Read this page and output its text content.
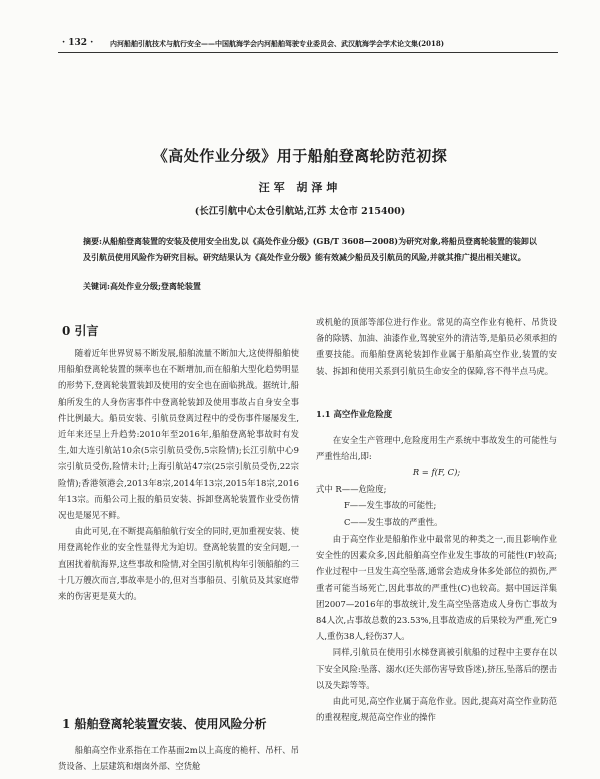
· 132 · 内河船舶引航技术与航行安全——中国航海学会内河船舶驾驶专业委员会、武汉航海学会学术论文集(2018)
《高处作业分级》用于船舶登离轮防范初探
汪军 胡泽坤
(长江引航中心太仓引航站,江苏 太仓市 215400)
摘要:从船舶登离装置的安装及使用安全出发,以《高处作业分级》(GB/T 3608—2008)为研究对象,将船员登离轮装置的装卸以及引航员使用风险作为研究目标。研究结果认为《高处作业分级》能有效减少船员及引航员的风险,并就其推广提出相关建议。
关键词:高处作业分级;登离轮装置
0 引言

随着近年世界贸易不断发展,船舶流量不断加大,这使得船舶使用船舶登离轮装置的频率也在不断增加,而在船舶大型化趋势明显的形势下,登离轮装置装卸及使用的安全也在面临挑战。据统计,船舶所发生的人身伤害事件中登离轮装卸及使用事故占自身安全事件比例最大。船员安装、引航员登离过程中的受伤事件屡屡发生,近年来还呈上升趋势:2010年至2016年,船舶登离轮事故时有发生,如大连引航站10余(5宗引航员受伤,5宗险情);长江引航中心9宗引航员受伤,险情未计;上海引航站47宗(25宗引航员受伤,22宗险情);香港领港会,2013年8宗,2014年13宗,2015年18宗,2016年13宗。而船公司上报的船员安装、拆卸登离轮装置作业受伤情况也是屡见不鲜。

由此可见,在不断提高船舶航行安全的同时,更加重视安装、使用登离轮作业的安全性显得尤为迫切。登离轮装置的安全问题,一直困扰着航海界,这些事故和险情,对全国引航机构年引领船舶约三十几万艘次而言,事故率是小的,但对当事船员、引航员及其家庭带来的伤害更是莫大的。

1 船舶登离轮装置安装、使用风险分析

船舶高空作业系指在工作基面2m以上高度的桅杆、吊杆、吊货设备、上层建筑和烟囱外部、空货舱

或机舱的顶部等部位进行作业。常见的高空作业有桅杆、吊货设备的除锈、加油、油漆作业,驾驶室外的清洁等,是船员必须承担的重要技能。而船舶登离轮装卸作业属于船舶高空作业,装置的安装、拆卸和使用关系到引航员生命安全的保障,容不得半点马虎。

1.1 高空作业危险度

在安全生产管理中,危险度用生产系统中事故发生的可能性与严重性给出,即:

R = f(F, C);

式中 R——危险度;
F——发生事故的可能性;
C——发生事故的严重性。

由于高空作业是船舶作业中最常见的种类之一,而且影响作业安全性的因素众多,因此船舶高空作业发生事故的可能性(F)较高;作业过程中一旦发生高空坠落,通常会造成身体多处部位的损伤,严重者可能当场死亡,因此事故的严重性(C)也较高。据中国远洋集团2007—2016年的事故统计,发生高空坠落造成人身伤亡事故为84人次,占事故总数的23.53%,且事故造成的后果较为严重,死亡9人,重伤38人,轻伤37人。

同样,引航员在使用引水梯登离被引航船的过程中主要存在以下安全风险:坠落、溺水(还失部伤害导致昏迷),挤压,坠落后的摆击以及失踪等等。

由此可见,高空作业属于高危作业。因此,提高对高空作业防范的重视程度,规范高空作业的操作
